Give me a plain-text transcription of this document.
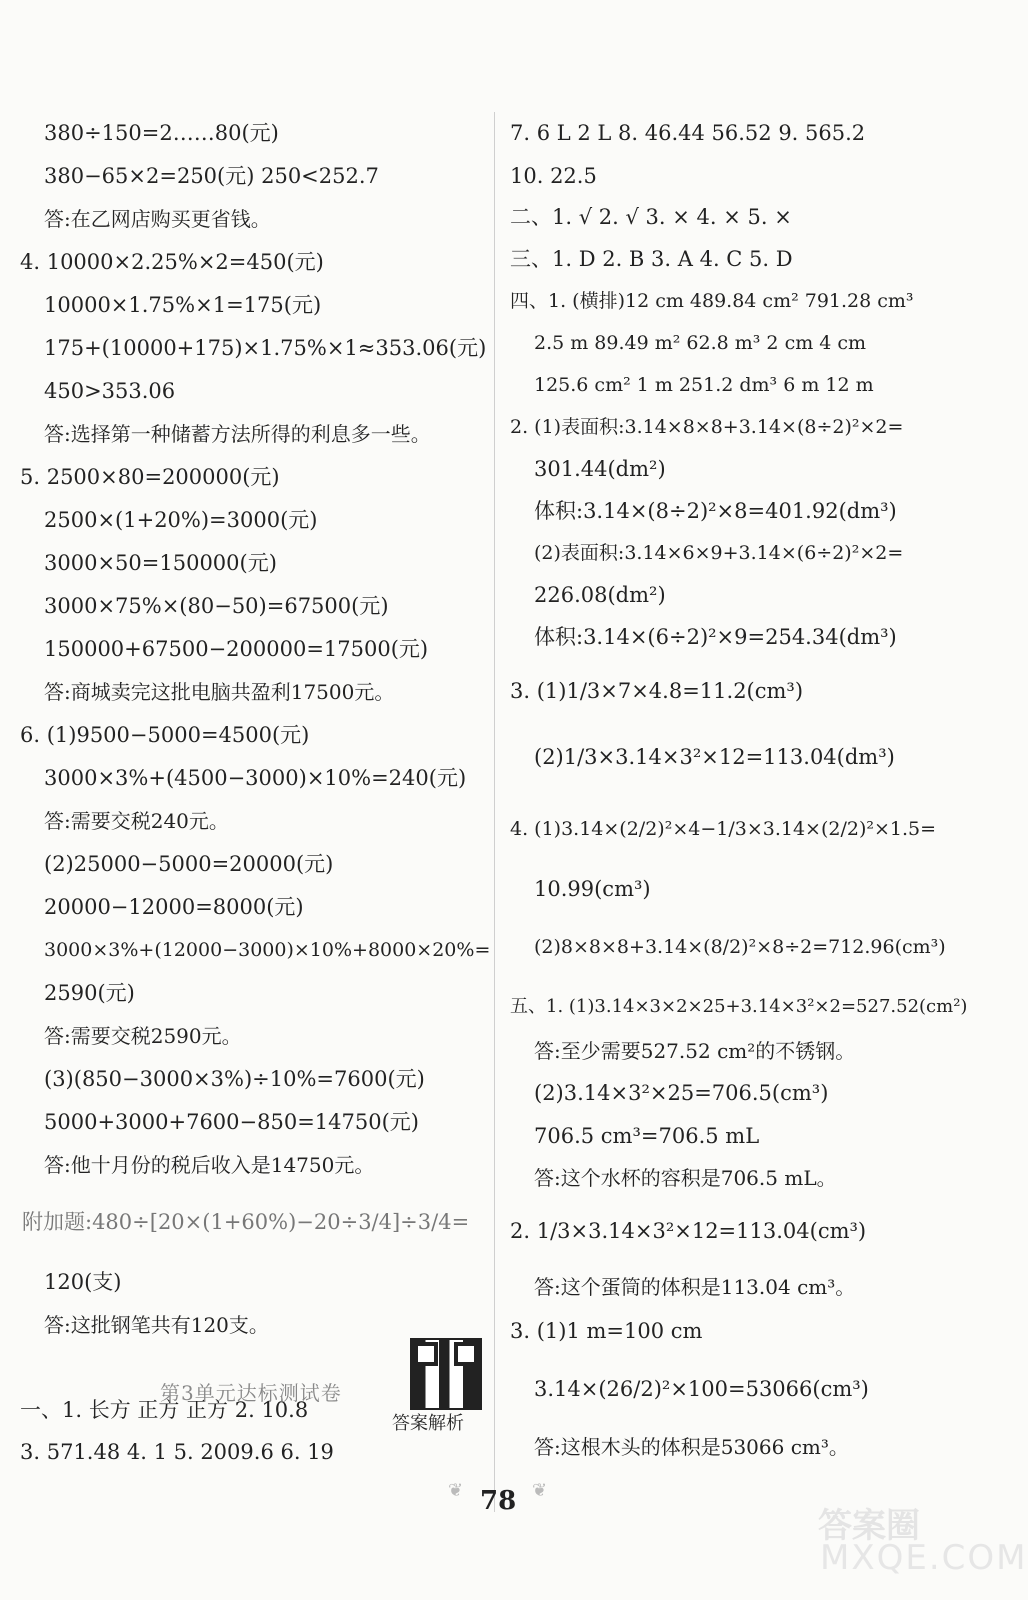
380÷150=2……80(元)
380−65×2=250(元) 250<252.7
答:在乙网店购买更省钱。
4. 10000×2.25%×2=450(元)
10000×1.75%×1=175(元)
175+(10000+175)×1.75%×1≈353.06(元)
450>353.06
答:选择第一种储蓄方法所得的利息多一些。
5. 2500×80=200000(元)
2500×(1+20%)=3000(元)
3000×50=150000(元)
3000×75%×(80−50)=67500(元)
150000+67500−200000=17500(元)
答:商城卖完这批电脑共盈利17500元。
6. (1)9500−5000=4500(元)
3000×3%+(4500−3000)×10%=240(元)
答:需要交税240元。
(2)25000−5000=20000(元)
20000−12000=8000(元)
3000×3%+(12000−3000)×10%+8000×20%=
2590(元)
答:需要交税2590元。
(3)(850−3000×3%)÷10%=7600(元)
5000+3000+7600−850=14750(元)
答:他十月份的税后收入是14750元。
附加题:480÷[20×(1+60%)−20÷3/4]÷3/4=
120(支)
答:这批钢笔共有120支。
一、1. 长方 正方 正方 2. 10.8
3. 571.48 4. 1 5. 2009.6 6. 19
第3单元达标测试卷
答案解析
7. 6 L 2 L 8. 46.44 56.52 9. 565.2
10. 22.5
二、1. √ 2. √ 3. × 4. × 5. ×
三、1. D 2. B 3. A 4. C 5. D
四、1. (横排)12 cm 489.84 cm² 791.28 cm³
2.5 m 89.49 m² 62.8 m³ 2 cm 4 cm
125.6 cm² 1 m 251.2 dm³ 6 m 12 m
2. (1)表面积:3.14×8×8+3.14×(8÷2)²×2=
301.44(dm²)
体积:3.14×(8÷2)²×8=401.92(dm³)
(2)表面积:3.14×6×9+3.14×(6÷2)²×2=
226.08(dm²)
体积:3.14×(6÷2)²×9=254.34(dm³)
3. (1)1/3×7×4.8=11.2(cm³)
(2)1/3×3.14×3²×12=113.04(dm³)
4. (1)3.14×(2/2)²×4−1/3×3.14×(2/2)²×1.5=
10.99(cm³)
(2)8×8×8+3.14×(8/2)²×8÷2=712.96(cm³)
五、1. (1)3.14×3×2×25+3.14×3²×2=527.52(cm²)
答:至少需要527.52 cm²的不锈钢。
(2)3.14×3²×25=706.5(cm³)
706.5 cm³=706.5 mL
答:这个水杯的容积是706.5 mL。
2. 1/3×3.14×3²×12=113.04(cm³)
答:这个蛋筒的体积是113.04 cm³。
3. (1)1 m=100 cm
3.14×(26/2)²×100=53066(cm³)
答:这根木头的体积是53066 cm³。
❦ 78 ❦
答案圈
MXQE.COM
